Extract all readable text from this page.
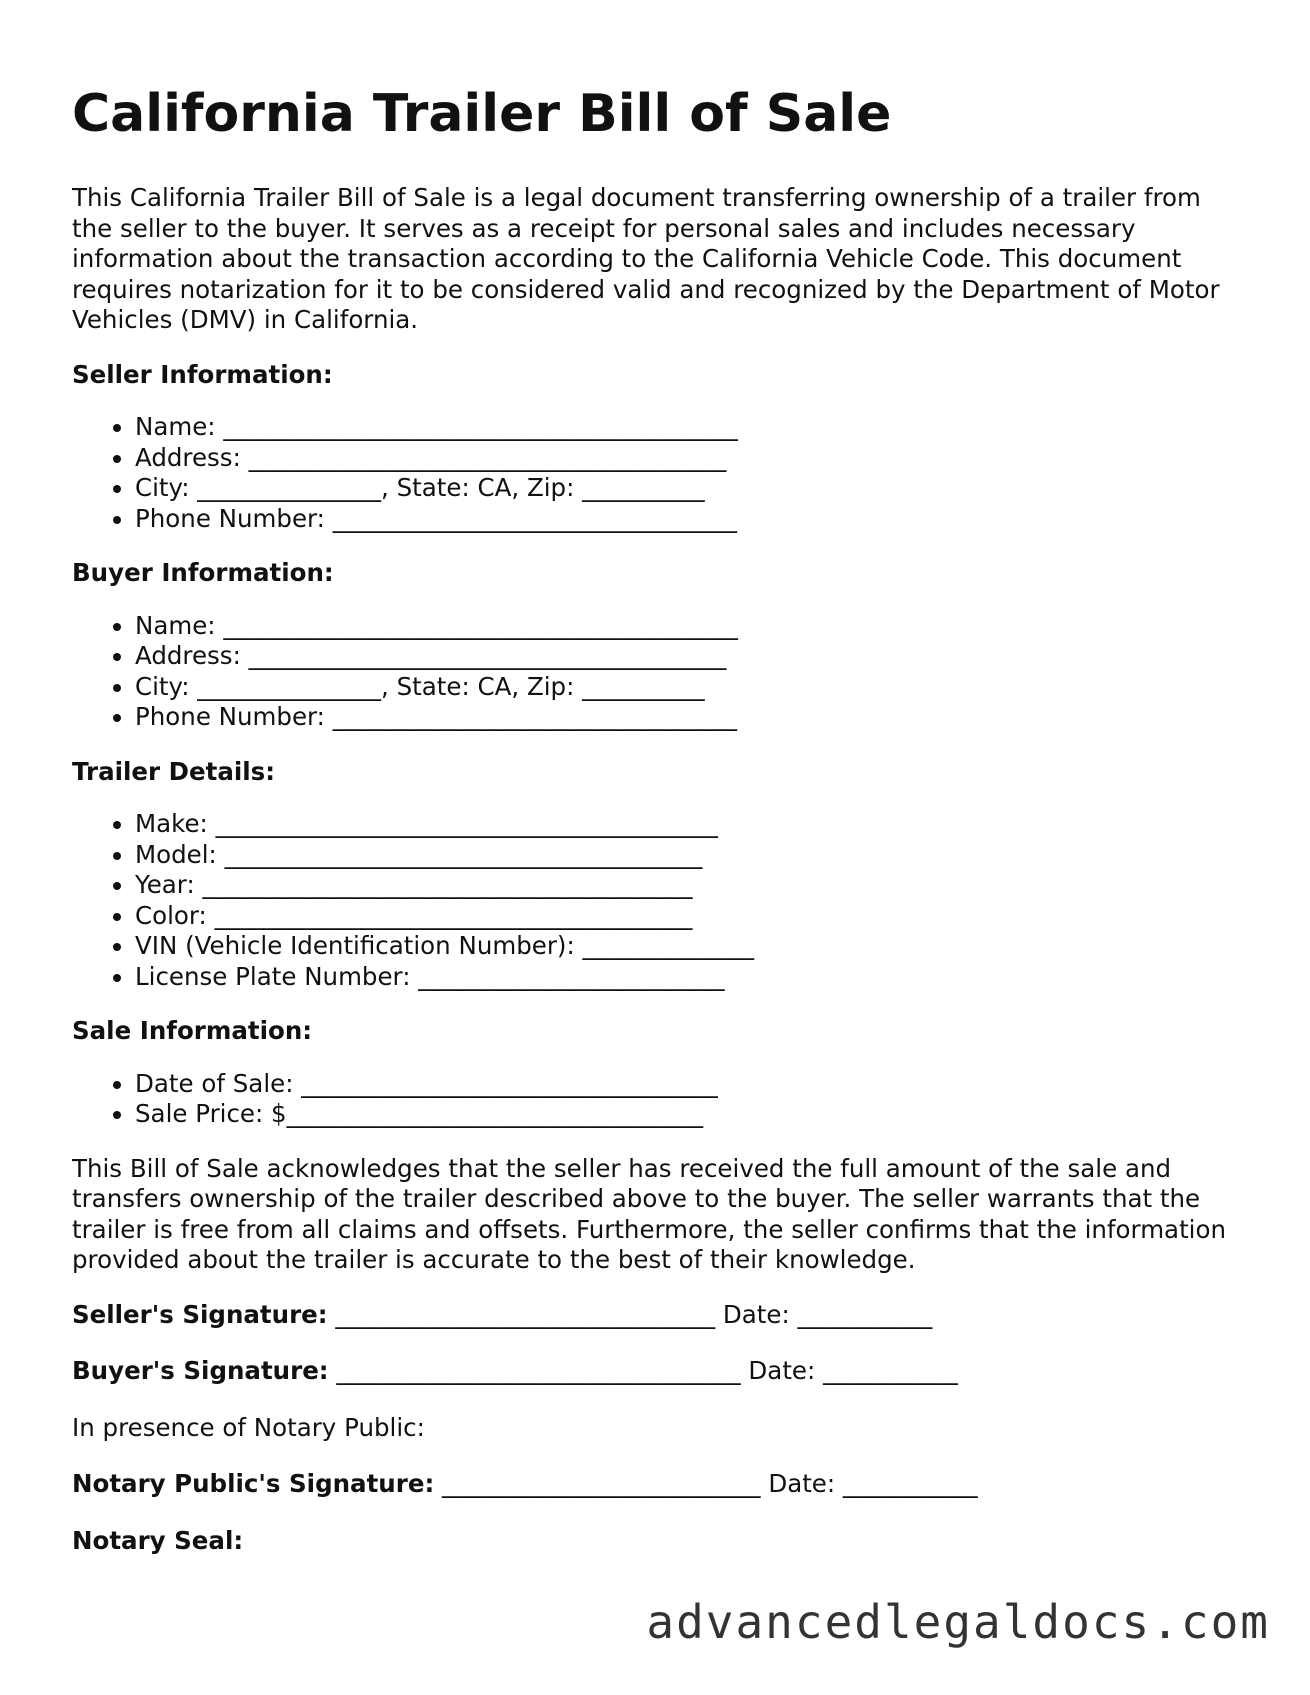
California Trailer Bill of Sale

This California Trailer Bill of Sale is a legal document transferring ownership of a trailer from the seller to the buyer. It serves as a receipt for personal sales and includes necessary information about the transaction according to the California Vehicle Code. This document requires notarization for it to be considered valid and recognized by the Department of Motor Vehicles (DMV) in California.

Seller Information:
• Name: __________________________________________
• Address: _______________________________________
• City: _______________, State: CA, Zip: __________
• Phone Number: _________________________________
Buyer Information:
• Name: __________________________________________
• Address: _______________________________________
• City: _______________, State: CA, Zip: __________
• Phone Number: _________________________________
Trailer Details:
• Make: _________________________________________
• Model: _______________________________________
• Year: ________________________________________
• Color: _______________________________________
• VIN (Vehicle Identification Number): ______________
• License Plate Number: _________________________
Sale Information:
• Date of Sale: __________________________________
• Sale Price: $__________________________________

This Bill of Sale acknowledges that the seller has received the full amount of the sale and transfers ownership of the trailer described above to the buyer. The seller warrants that the trailer is free from all claims and offsets. Furthermore, the seller confirms that the information provided about the trailer is accurate to the best of their knowledge.

Seller's Signature: _______________________________ Date: ___________
Buyer's Signature: _________________________________ Date: ___________
In presence of Notary Public:
Notary Public's Signature: __________________________ Date: ___________
Notary Seal:
advancedlegaldocs.com
